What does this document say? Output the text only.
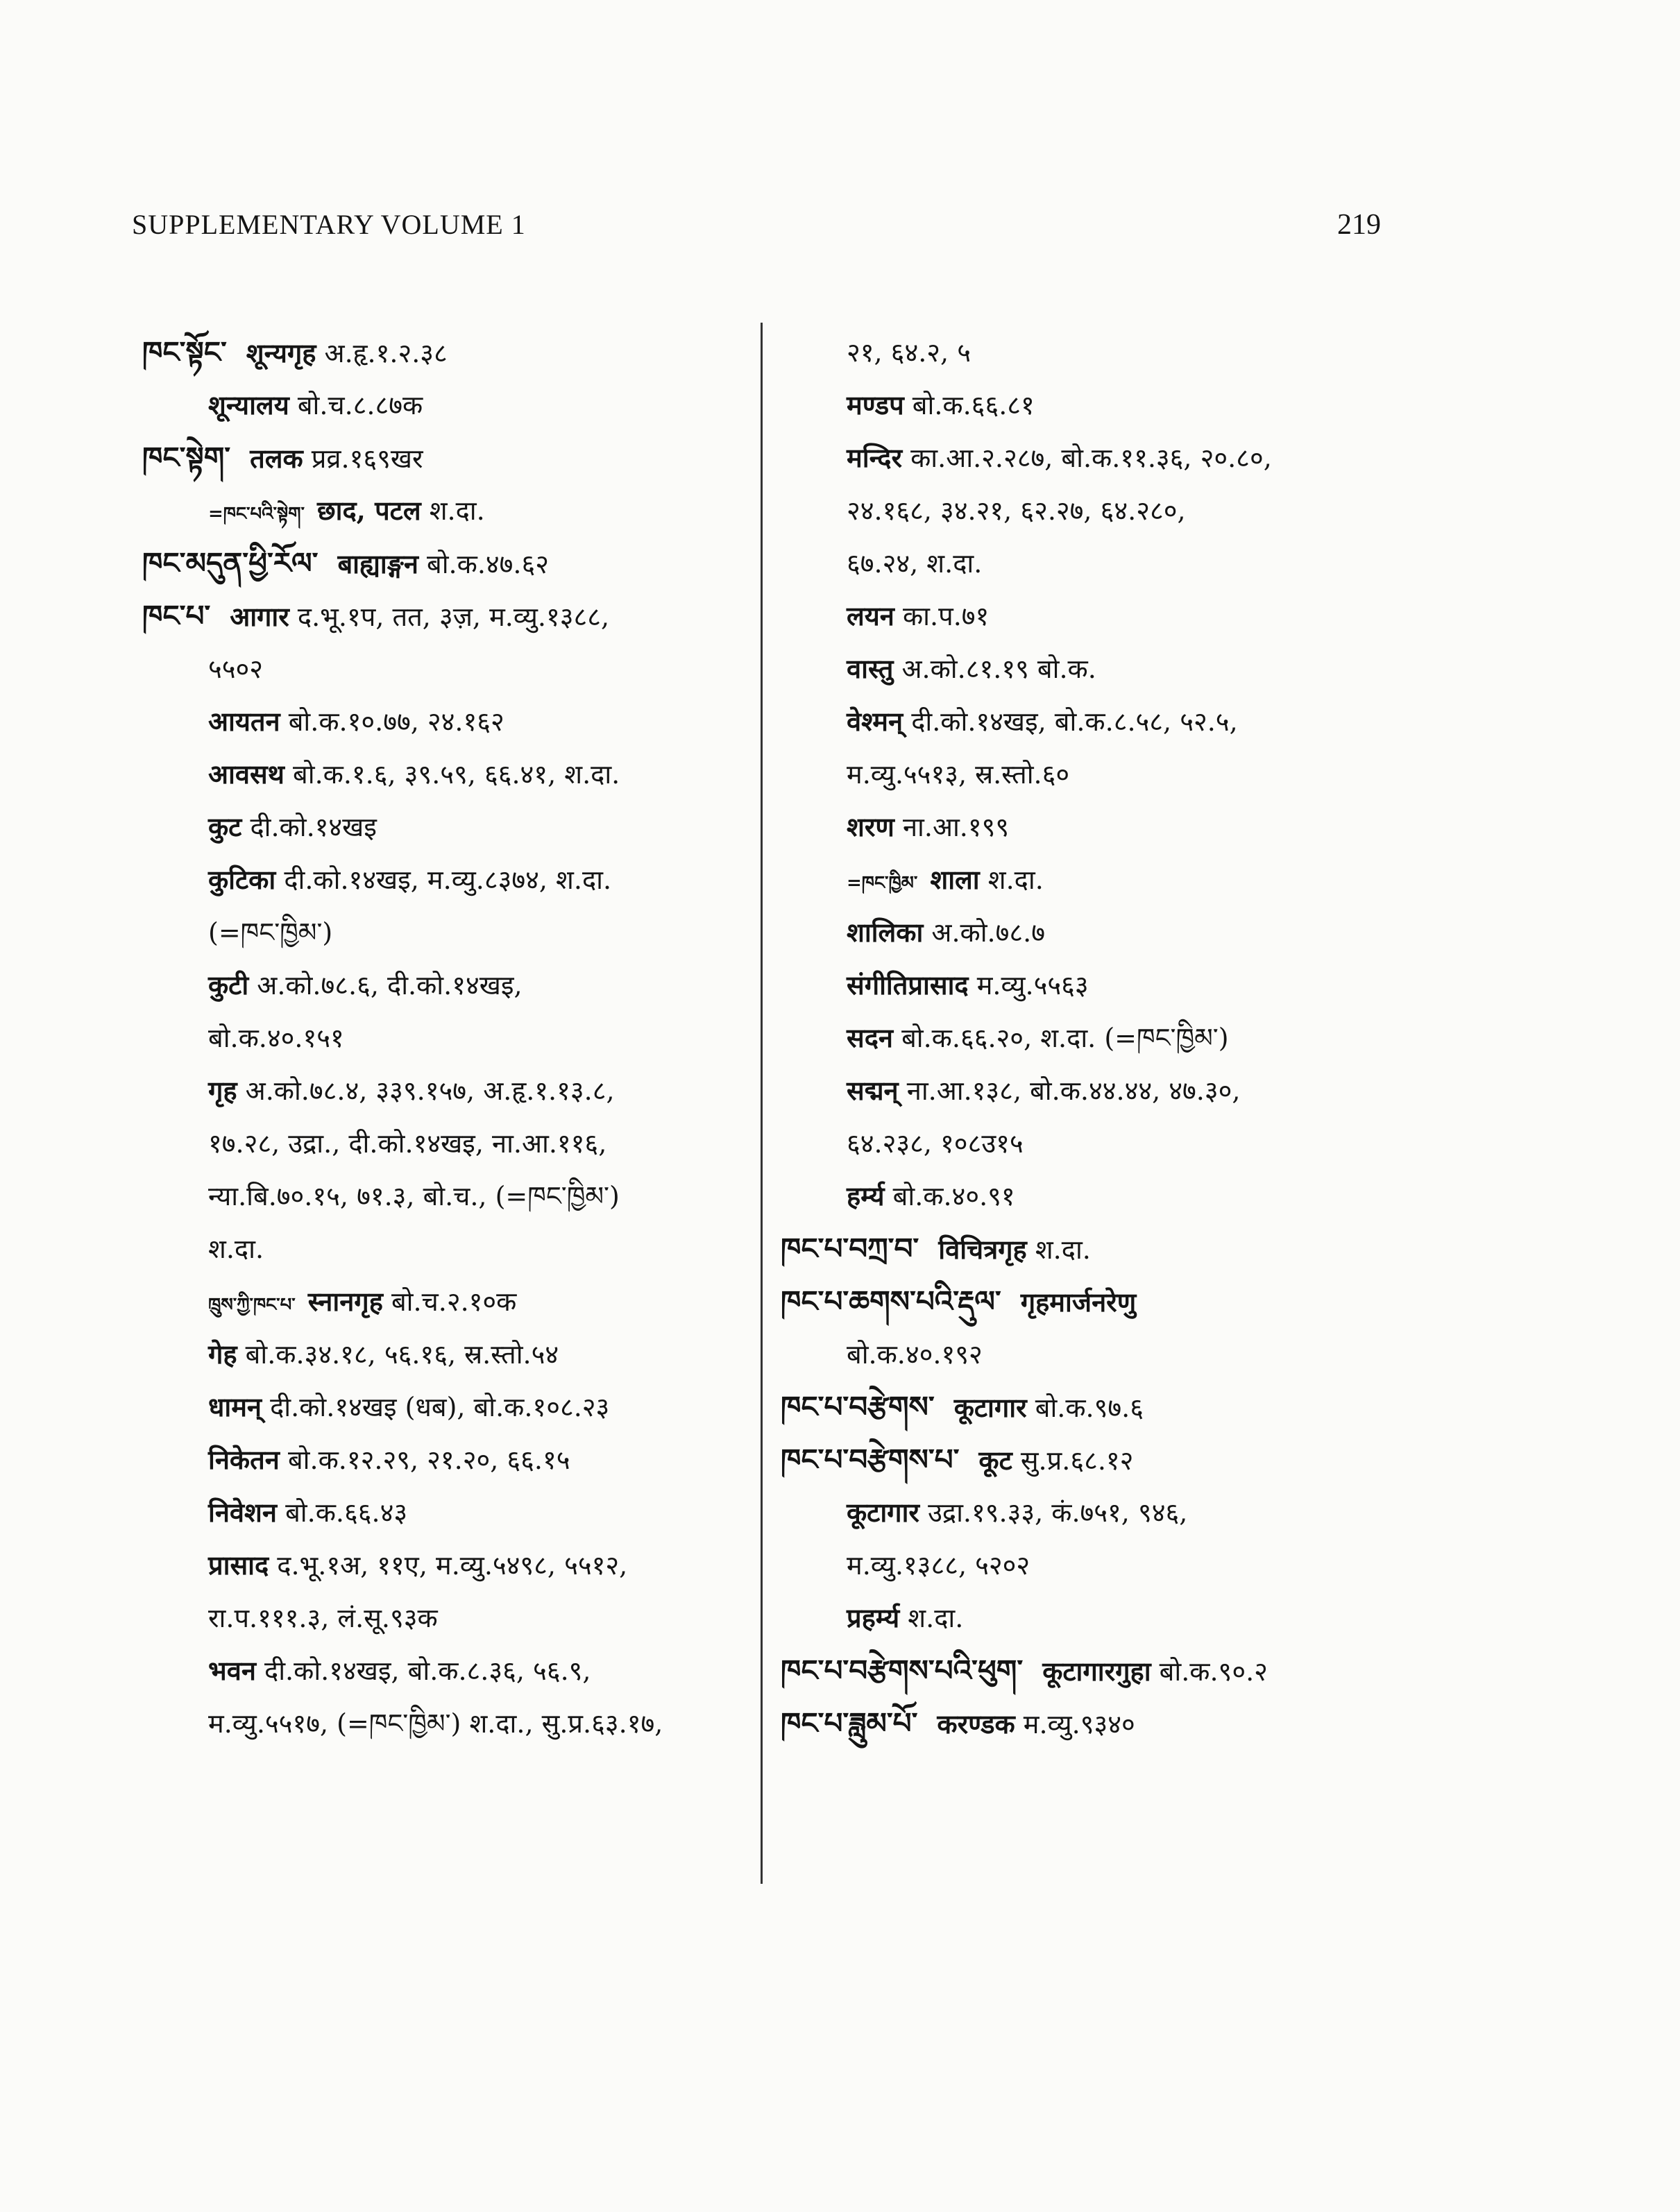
SUPPLEMENTARY VOLUME 1	219
ཁང་སྟོང་ शून्यगृह अ.हृ.१.२.३८
शून्यालय बो.च.८.८७क
ཁང་སྟེག་ तलक प्रव्र.१६९खर
=ཁང་པའི་སྟེག་ छाद, पटल श.दा.
ཁང་མདུན་ཕྱི་རོལ་ बाह्याङ्गन बो.क.४७.६२
ཁང་པ་ आगार द.भू.१प, तत, ३ज़, म.व्यु.१३८८,
५५०२
आयतन बो.क.१०.७७, २४.१६२
आवसथ बो.क.१.६, ३९.५९, ६६.४१, श.दा.
कुट दी.को.१४खइ
कुटिका दी.को.१४खइ, म.व्यु.८३७४, श.दा.
(=ཁང་ཁྱིམ་)
कुटी अ.को.७८.६, दी.को.१४खइ,
बो.क.४०.१५१
गृह अ.को.७८.४, ३३९.१५७, अ.हृ.१.१३.८,
१७.२८, उद्रा., दी.को.१४खइ, ना.आ.११६,
न्या.बि.७०.१५, ७१.३, बो.च., (=ཁང་ཁྱིམ་)
श.दा.
ཁྲུས་ཀྱི་ཁང་པ་ स्नानगृह बो.च.२.१०क
गेह बो.क.३४.१८, ५६.१६, स्र.स्तो.५४
धामन् दी.को.१४खइ (धब), बो.क.१०८.२३
निकेतन बो.क.१२.२९, २१.२०, ६६.१५
निवेशन बो.क.६६.४३
प्रासाद द.भू.१अ, ११ए, म.व्यु.५४९८, ५५१२,
रा.प.१११.३, लं.सू.९३क
भवन दी.को.१४खइ, बो.क.८.३६, ५६.९,
म.व्यु.५५१७, (=ཁང་ཁྱིམ་) श.दा., सु.प्र.६३.१७,
२१, ६४.२, ५
मण्डप बो.क.६६.८१
मन्दिर का.आ.२.२८७, बो.क.११.३६, २०.८०,
२४.१६८, ३४.२१, ६२.२७, ६४.२८०,
६७.२४, श.दा.
लयन का.प.७१
वास्तु अ.को.८१.१९ बो.क.
वेश्मन् दी.को.१४खइ, बो.क.८.५८, ५२.५,
म.व्यु.५५१३, स्र.स्तो.६०
शरण ना.आ.१९९
=ཁང་ཁྱིམ་ शाला श.दा.
शालिका अ.को.७८.७
संगीतिप्रासाद म.व्यु.५५६३
सदन बो.क.६६.२०, श.दा. (=ཁང་ཁྱིམ་)
सद्मन् ना.आ.१३८, बो.क.४४.४४, ४७.३०,
६४.२३८, १०८उ१५
हर्म्य बो.क.४०.९१
ཁང་པ་བཀྲ་བ་ विचित्रगृह श.दा.
ཁང་པ་ཆགས་པའི་རྡུལ་ गृहमार्जनरेणु
बो.क.४०.१९२
ཁང་པ་བརྩེགས་ कूटागार बो.क.९७.६
ཁང་པ་བརྩེགས་པ་ कूट सु.प्र.६८.१२
कूटागार उद्रा.१९.३३, कं.७५१, ९४६,
म.व्यु.१३८८, ५२०२
प्रहर्म्य श.दा.
ཁང་པ་བརྩེགས་པའི་ཕུག་ कूटागारगुहा बो.क.९०.२
ཁང་པ་ཟླུམ་པོ་ करण्डक म.व्यु.९३४०
